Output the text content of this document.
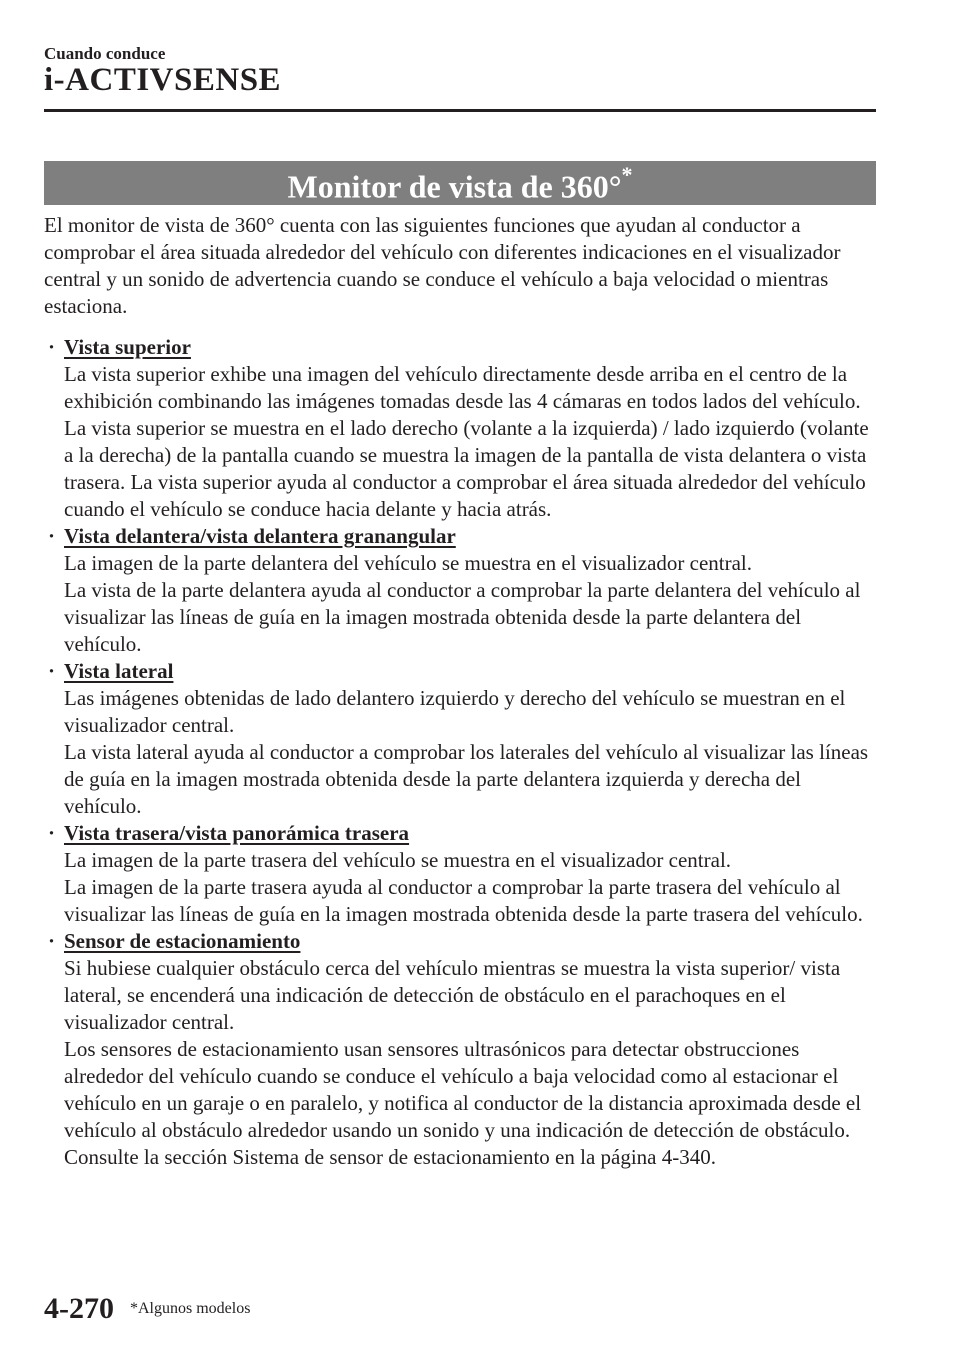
Cuando conduce

i-ACTIVSENSE
Monitor de vista de 360°*

El monitor de vista de 360° cuenta con las siguientes funciones que ayudan al conductor a comprobar el área situada alrededor del vehículo con diferentes indicaciones en el visualizador central y un sonido de advertencia cuando se conduce el vehículo a baja velocidad o mientras estaciona.

· Vista superior

La vista superior exhibe una imagen del vehículo directamente desde arriba en el centro de la exhibición combinando las imágenes tomadas desde las 4 cámaras en todos lados del vehículo. La vista superior se muestra en el lado derecho (volante a la izquierda) / lado izquierdo (volante a la derecha) de la pantalla cuando se muestra la imagen de la pantalla de vista delantera o vista trasera. La vista superior ayuda al conductor a comprobar el área situada alrededor del vehículo cuando el vehículo se conduce hacia delante y hacia atrás.

· Vista delantera/vista delantera granangular

La imagen de la parte delantera del vehículo se muestra en el visualizador central.

La vista de la parte delantera ayuda al conductor a comprobar la parte delantera del vehículo al visualizar las líneas de guía en la imagen mostrada obtenida desde la parte delantera del vehículo.

· Vista lateral

Las imágenes obtenidas de lado delantero izquierdo y derecho del vehículo se muestran en el visualizador central.

La vista lateral ayuda al conductor a comprobar los laterales del vehículo al visualizar las líneas de guía en la imagen mostrada obtenida desde la parte delantera izquierda y derecha del vehículo.

· Vista trasera/vista panorámica trasera

La imagen de la parte trasera del vehículo se muestra en el visualizador central.

La imagen de la parte trasera ayuda al conductor a comprobar la parte trasera del vehículo al visualizar las líneas de guía en la imagen mostrada obtenida desde la parte trasera del vehículo.

· Sensor de estacionamiento

Si hubiese cualquier obstáculo cerca del vehículo mientras se muestra la vista superior/ vista lateral, se encenderá una indicación de detección de obstáculo en el parachoques en el visualizador central.

Los sensores de estacionamiento usan sensores ultrasónicos para detectar obstrucciones alrededor del vehículo cuando se conduce el vehículo a baja velocidad como al estacionar el vehículo en un garaje o en paralelo, y notifica al conductor de la distancia aproximada desde el vehículo al obstáculo alrededor usando un sonido y una indicación de detección de obstáculo.

Consulte la sección Sistema de sensor de estacionamiento en la página 4-340.

4-270 *Algunos modelos
